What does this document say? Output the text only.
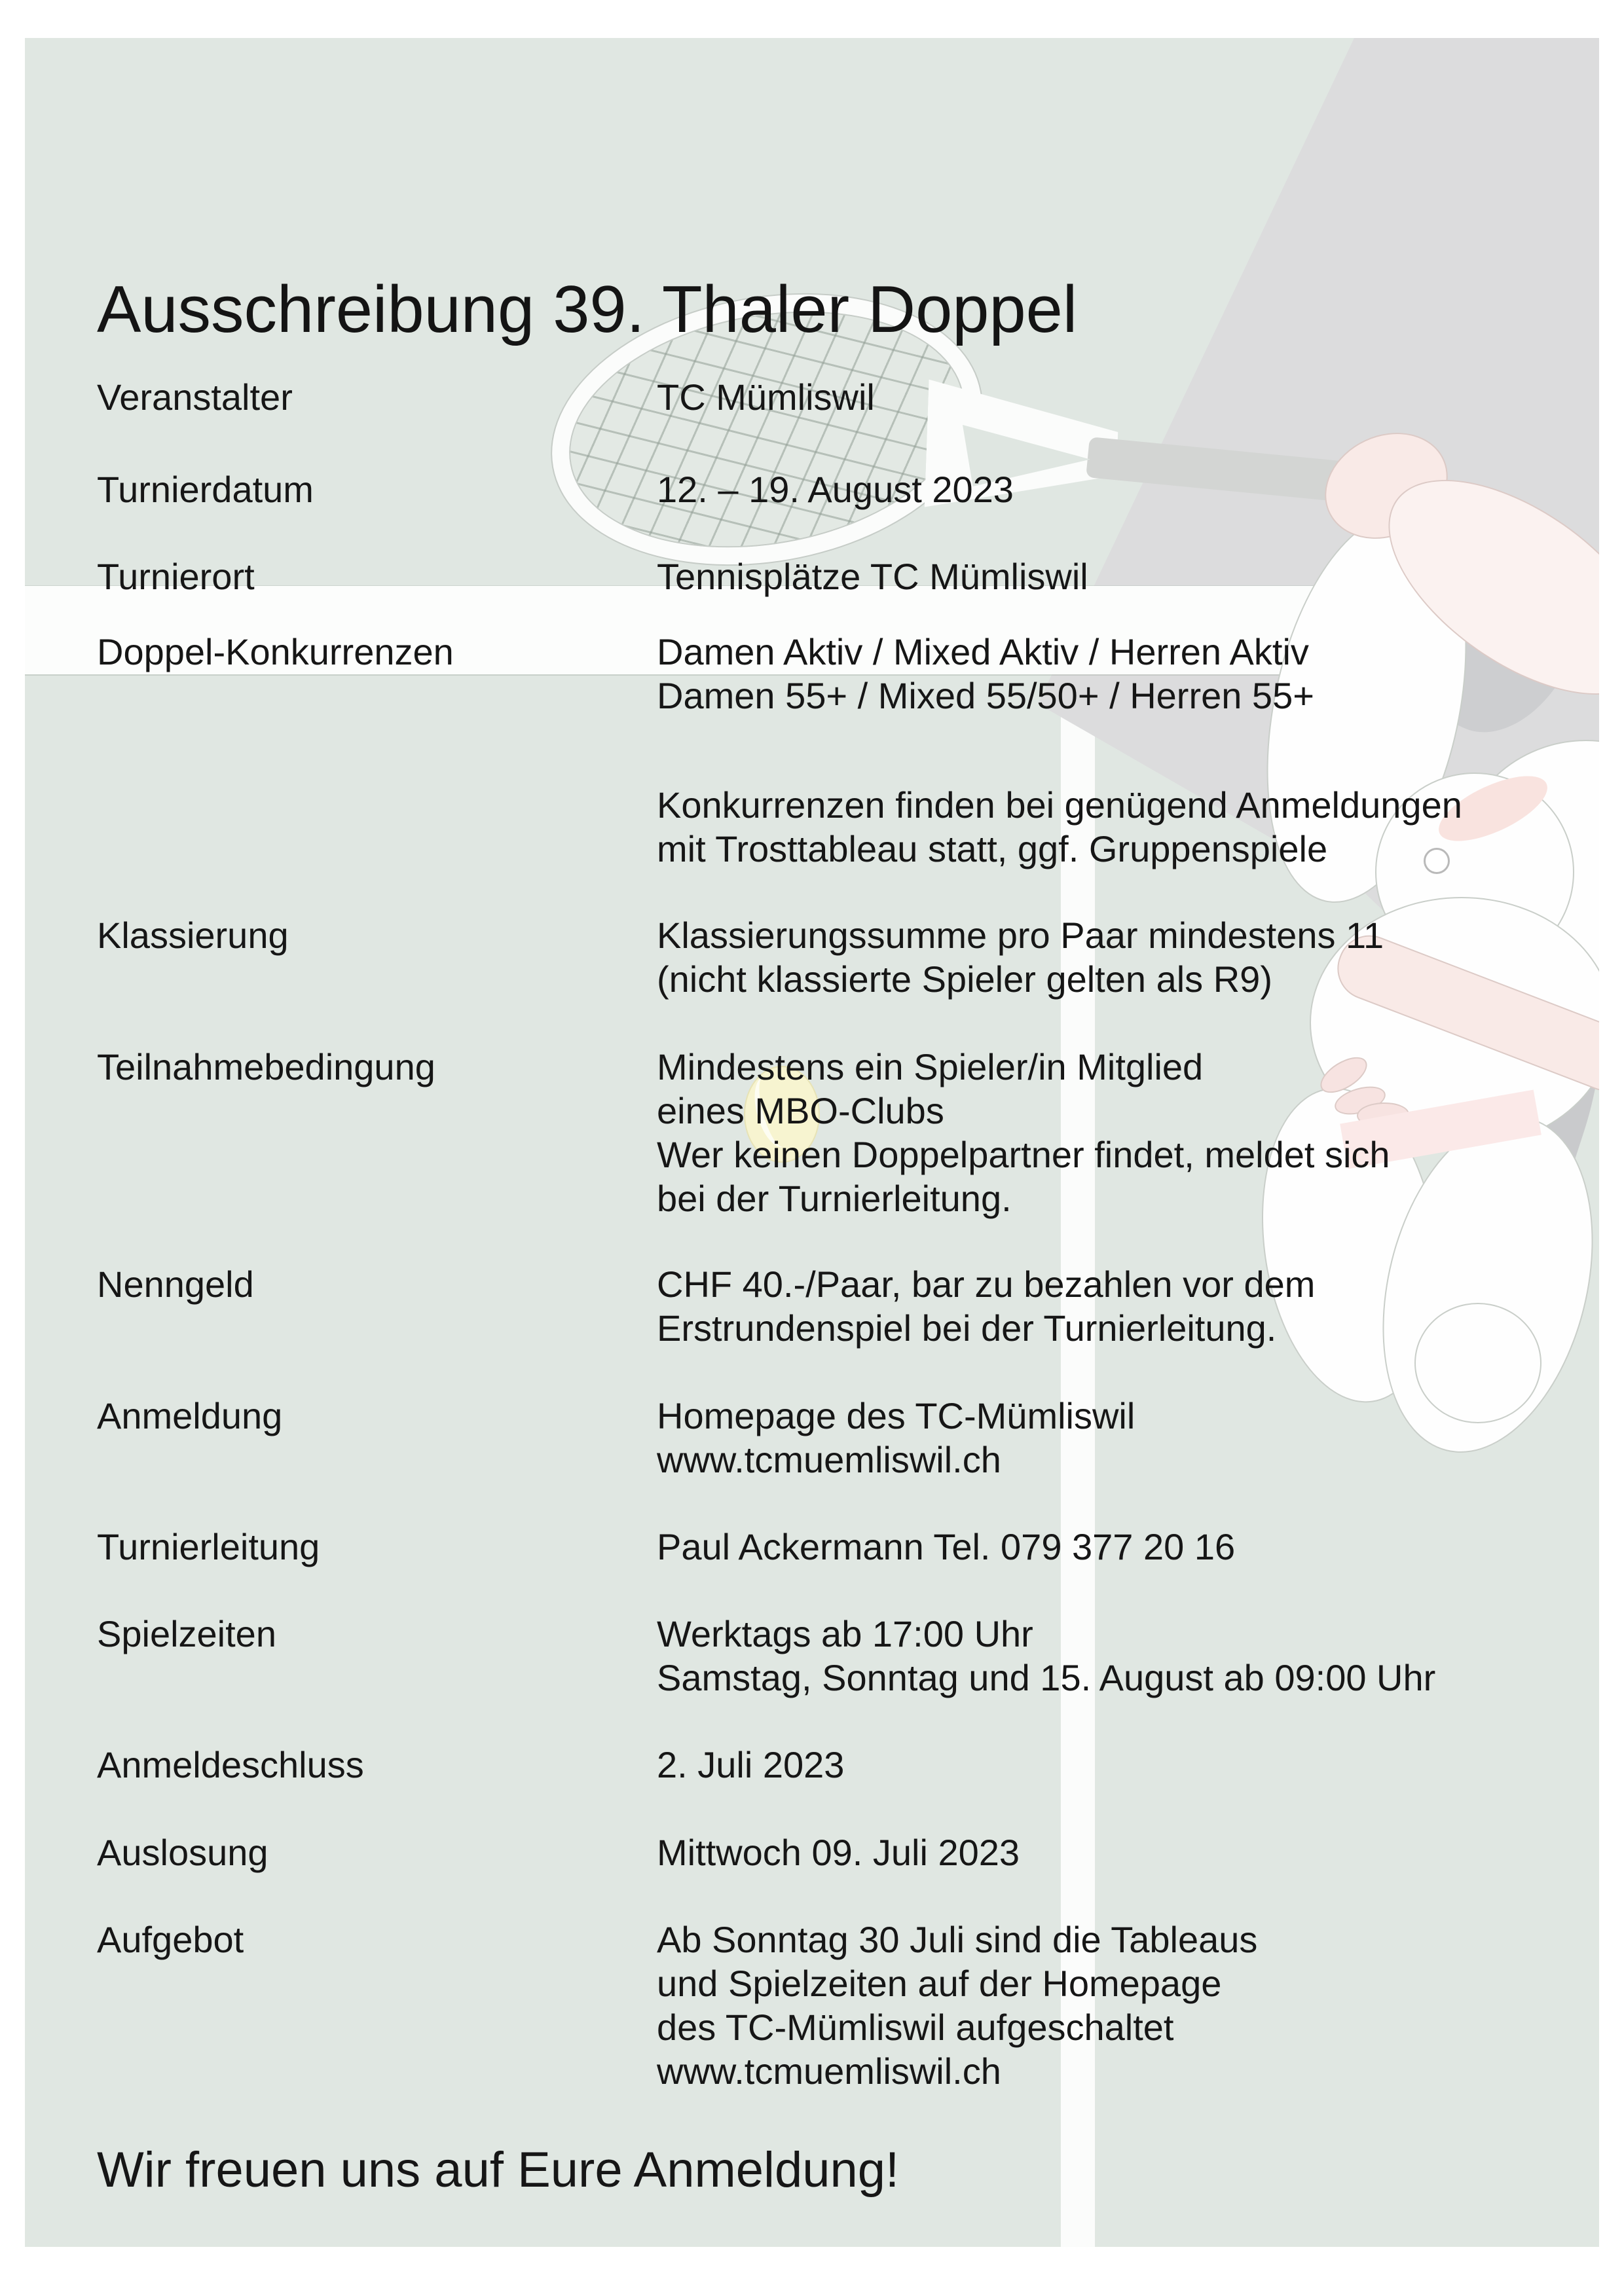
Ausschreibung 39. Thaler Doppel
Veranstalter	TC Mümliswil
Turnierdatum	12. – 19. August 2023
Turnierort	Tennisplätze TC Mümliswil
Doppel-Konkurrenzen	Damen Aktiv / Mixed Aktiv / Herren Aktiv
Damen 55+ / Mixed 55/50+ / Herren 55+
Konkurrenzen finden bei genügend Anmeldungen
mit Trosttableau statt, ggf. Gruppenspiele
Klassierung	Klassierungssumme pro Paar mindestens 11
(nicht klassierte Spieler gelten als R9)
Teilnahmebedingung	Mindestens ein Spieler/in Mitglied
eines MBO-Clubs
Wer keinen Doppelpartner findet, meldet sich
bei der Turnierleitung.
Nenngeld	CHF 40.-/Paar, bar zu bezahlen vor dem
Erstrundenspiel bei der Turnierleitung.
Anmeldung	Homepage des TC-Mümliswil
www.tcmuemliswil.ch
Turnierleitung	Paul Ackermann Tel. 079 377 20 16
Spielzeiten	Werktags ab 17:00 Uhr
Samstag, Sonntag und 15. August ab 09:00 Uhr
Anmeldeschluss	2. Juli 2023
Auslosung	Mittwoch 09. Juli 2023
Aufgebot	Ab Sonntag 30 Juli sind die Tableaus
und Spielzeiten auf der Homepage
des TC-Mümliswil aufgeschaltet
www.tcmuemliswil.ch
Wir freuen uns auf Eure Anmeldung!
